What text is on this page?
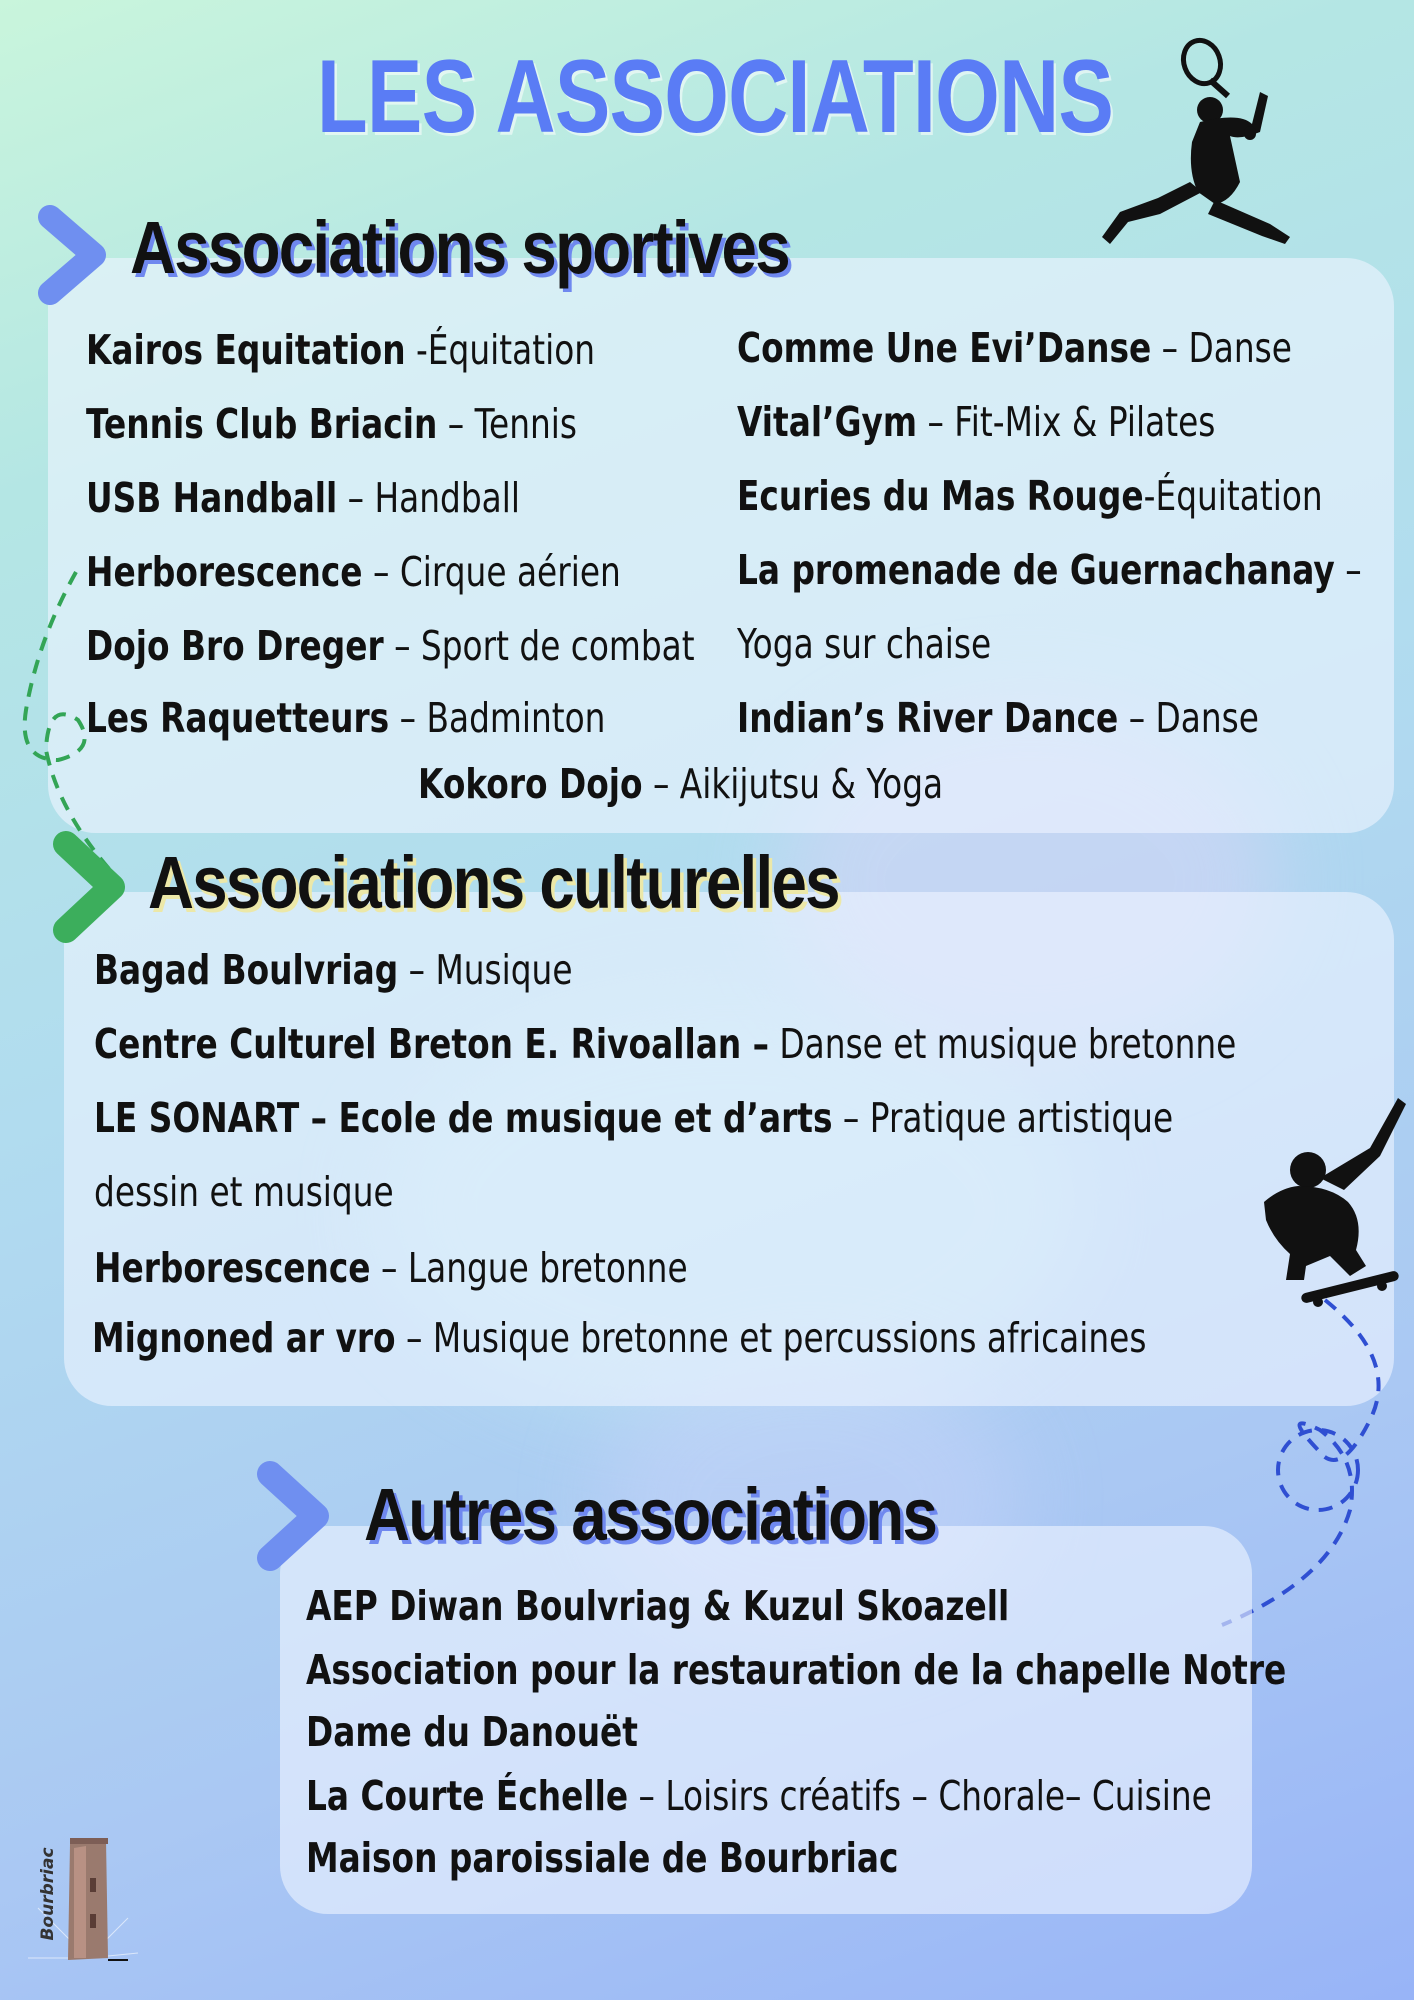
LES ASSOCIATIONS
Associations sportives
Kairos Equitation -Équitation
Tennis Club Briacin – Tennis
USB Handball – Handball
Herborescence – Cirque aérien
Dojo Bro Dreger – Sport de combat
Les Raquetteurs – Badminton
Comme Une Evi’Danse – Danse
Vital’Gym – Fit-Mix & Pilates
Ecuries du Mas Rouge-Équitation
La promenade de Guernachanay –
Yoga sur chaise
Indian’s River Dance – Danse
Kokoro Dojo – Aikijutsu & Yoga
Associations culturelles
Bagad Boulvriag – Musique
Centre Culturel Breton E. Rivoallan – Danse et musique bretonne
LE SONART – Ecole de musique et d’arts – Pratique artistique
dessin et musique
Herborescence – Langue bretonne
Mignoned ar vro – Musique bretonne et percussions africaines
Autres associations
AEP Diwan Boulvriag & Kuzul Skoazell
Association pour la restauration de la chapelle Notre
Dame du Danouët
La Courte Échelle – Loisirs créatifs – Chorale– Cuisine
Maison paroissiale de Bourbriac
Bourbriac
